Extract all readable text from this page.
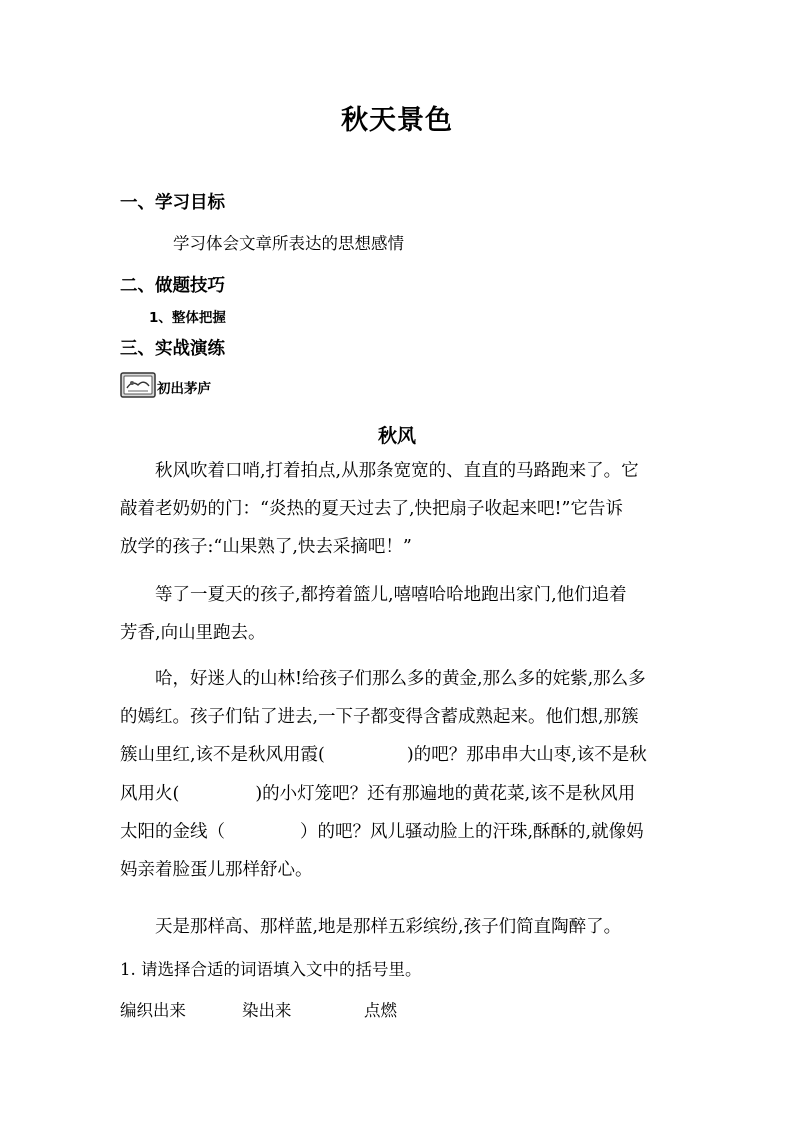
秋天景色
一、学习目标
学习体会文章所表达的思想感情
二、做题技巧
1、整体把握
三、实战演练
初出茅庐
秋风
秋风吹着口哨,打着拍点,从那条宽宽的、直直的马路跑来了。它
敲着老奶奶的门：“炎热的夏天过去了,快把扇子收起来吧!”它告诉
放学的孩子:“山果熟了,快去采摘吧！”
等了一夏天的孩子,都挎着篮儿,嘻嘻哈哈地跑出家门,他们追着
芳香,向山里跑去。
哈，好迷人的山林!给孩子们那么多的黄金,那么多的姹紫,那么多
的嫣红。孩子们钻了进去,一下子都变得含蓄成熟起来。他们想,那簇
簇山里红,该不是秋风用霞(	)的吧？那串串大山枣,该不是秋
风用火(	)的小灯笼吧？还有那遍地的黄花菜,该不是秋风用
太阳的金线（	）的吧？风儿骚动脸上的汗珠,酥酥的,就像妈
妈亲着脸蛋儿那样舒心。
天是那样高、那样蓝,地是那样五彩缤纷,孩子们简直陶醉了。
1. 请选择合适的词语填入文中的括号里。
编织出来	染出来	点燃
